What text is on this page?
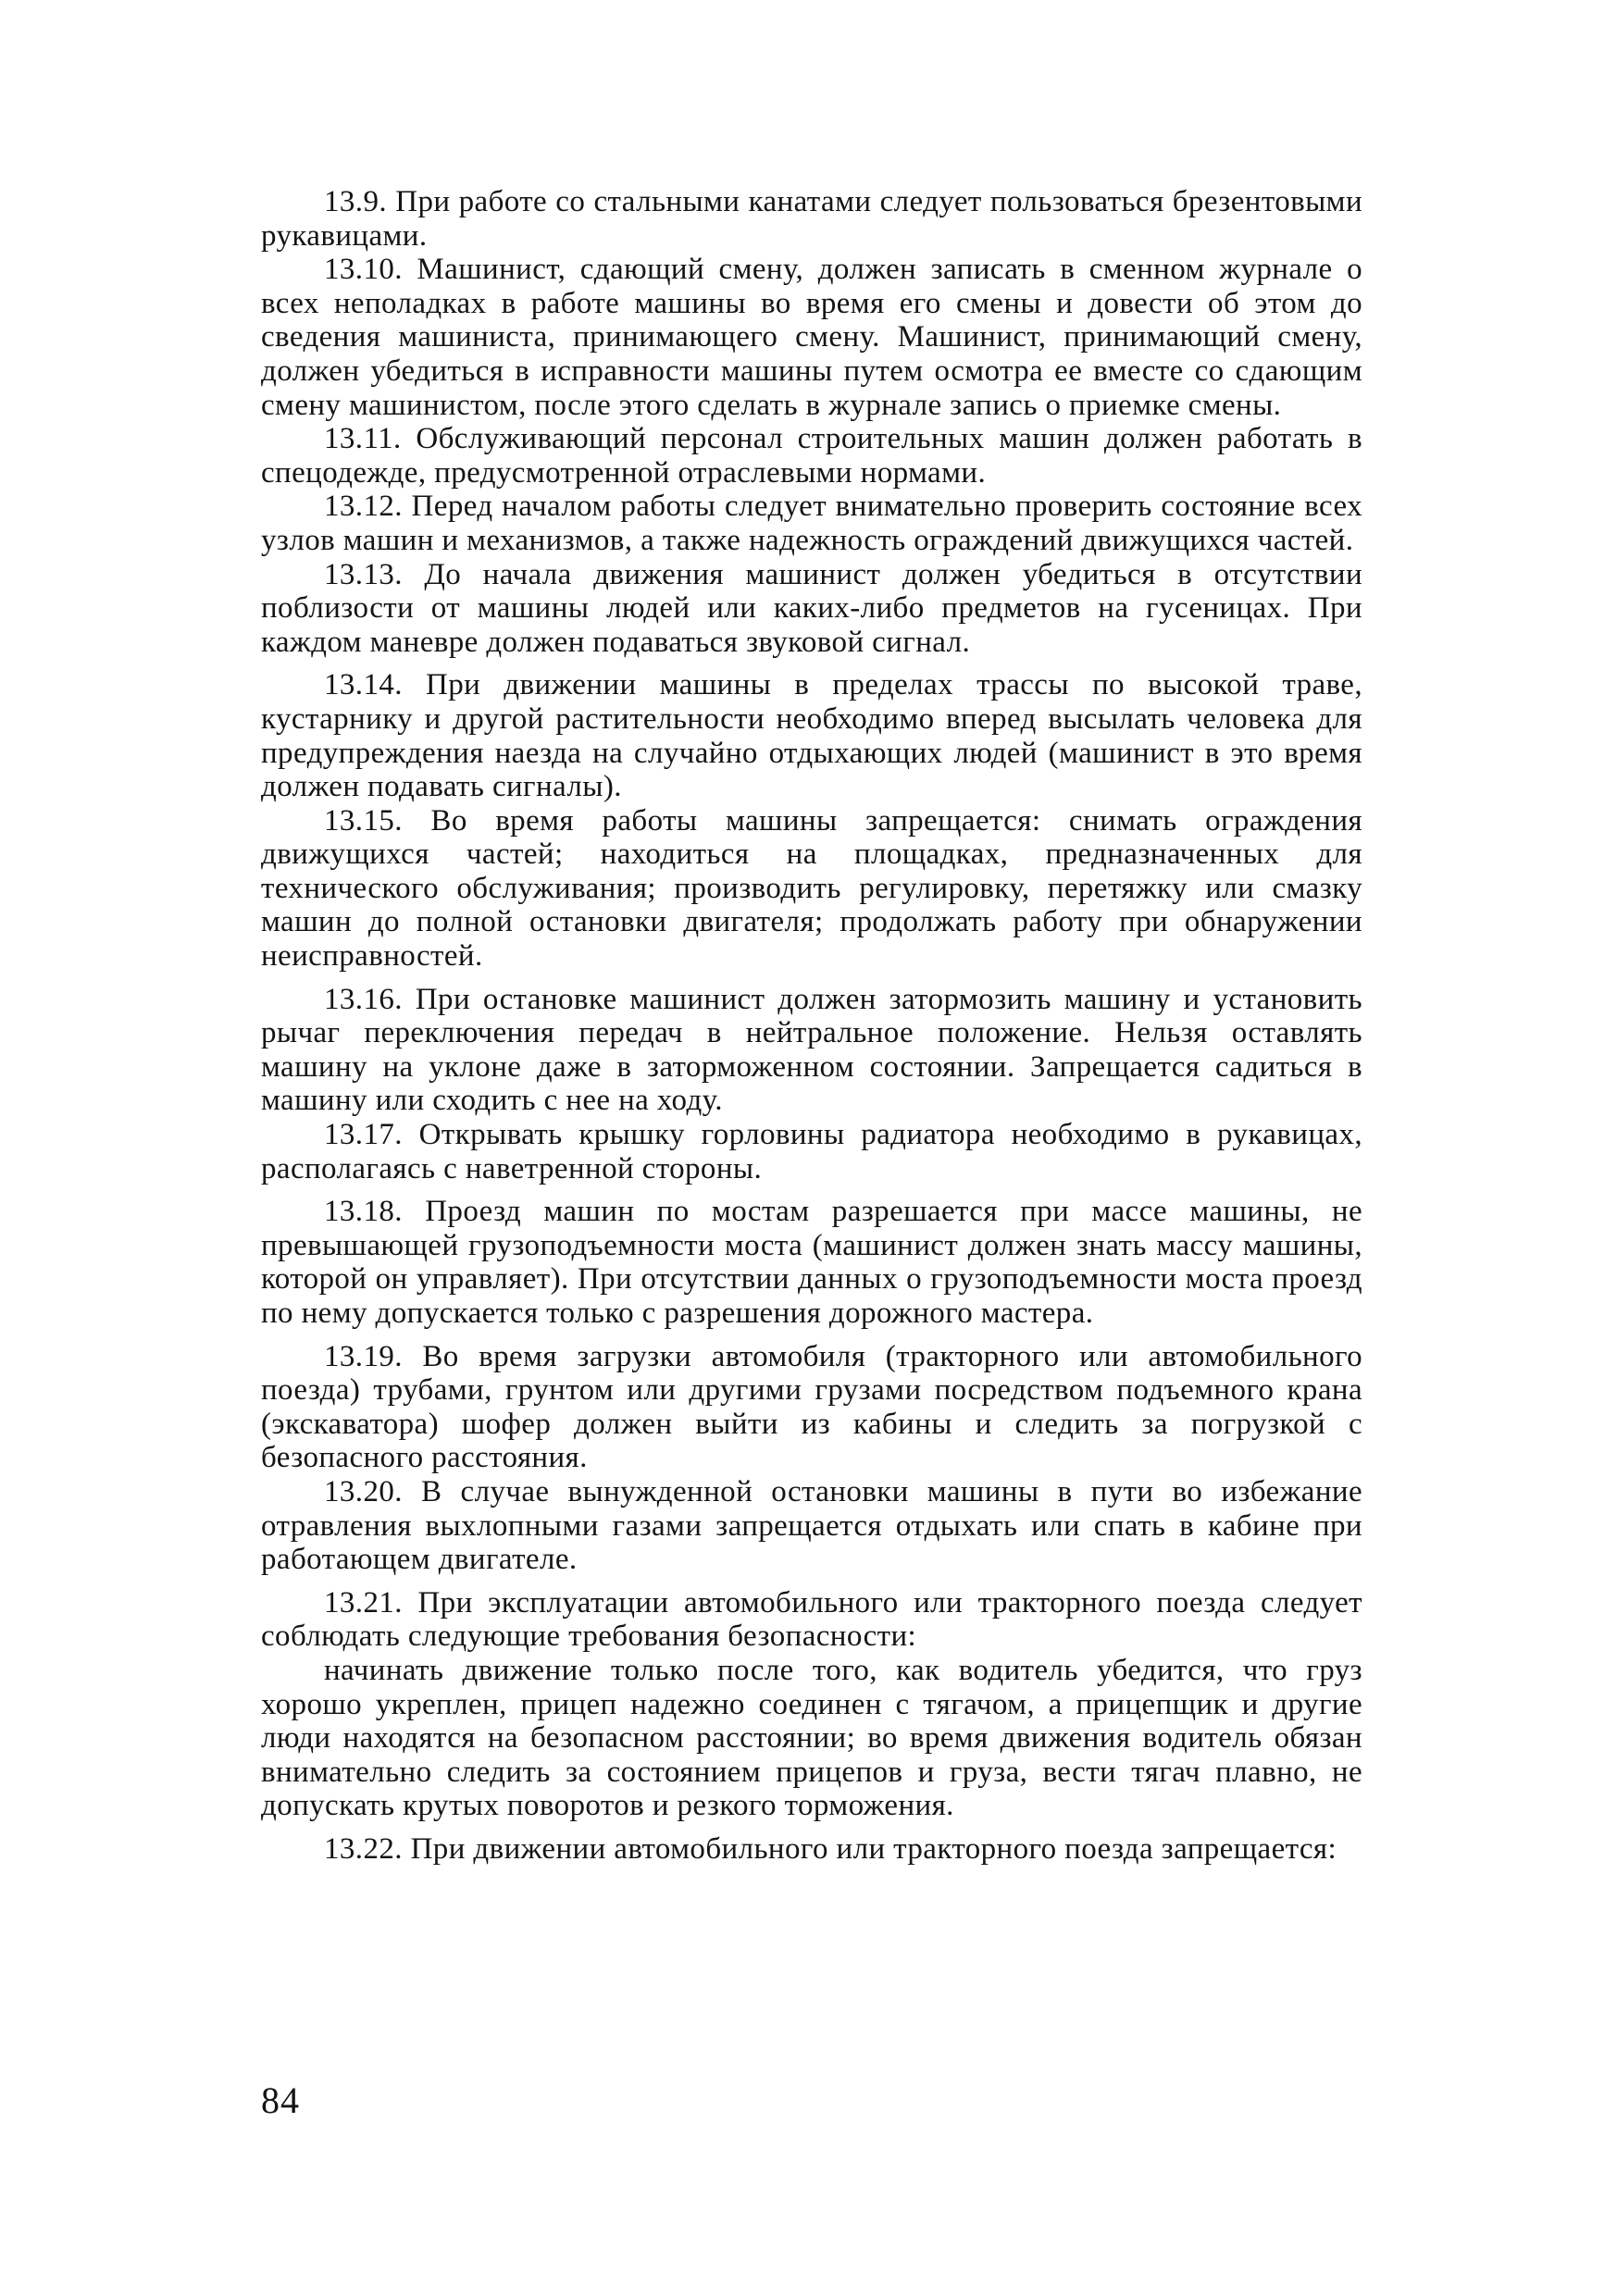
13.9. При работе со стальными канатами следует пользоваться брезентовыми рукавицами.

13.10. Машинист, сдающий смену, должен записать в сменном журнале о всех неполадках в работе машины во время его смены и довести об этом до сведения машиниста, принимающего смену. Машинист, принимающий смену, должен убедиться в исправности машины путем осмотра ее вместе со сдающим смену машинистом, после этого сделать в журнале запись о приемке смены.

13.11. Обслуживающий персонал строительных машин должен работать в спецодежде, предусмотренной отраслевыми нормами.

13.12. Перед началом работы следует внимательно проверить состояние всех узлов машин и механизмов, а также надежность ограждений движущихся частей.

13.13. До начала движения машинист должен убедиться в отсутствии поблизости от машины людей или каких-либо предметов на гусеницах. При каждом маневре должен подаваться звуковой сигнал.

13.14. При движении машины в пределах трассы по высокой траве, кустарнику и другой растительности необходимо вперед высылать человека для предупреждения наезда на случайно отдыхающих людей (машинист в это время должен подавать сигналы).

13.15. Во время работы машины запрещается: снимать ограждения движущихся частей; находиться на площадках, предназначенных для технического обслуживания; производить регулировку, перетяжку или смазку машин до полной остановки двигателя; продолжать работу при обнаружении неисправностей.

13.16. При остановке машинист должен затормозить машину и установить рычаг переключения передач в нейтральное положение. Нельзя оставлять машину на уклоне даже в заторможенном состоянии. Запрещается садиться в машину или сходить с нее на ходу.

13.17. Открывать крышку горловины радиатора необходимо в рукавицах, располагаясь с наветренной стороны.

13.18. Проезд машин по мостам разрешается при массе машины, не превышающей грузоподъемности моста (машинист должен знать массу машины, которой он управляет). При отсутствии данных о грузоподъемности моста проезд по нему допускается только с разрешения дорожного мастера.

13.19. Во время загрузки автомобиля (тракторного или автомобильного поезда) трубами, грунтом или другими грузами посредством подъемного крана (экскаватора) шофер должен выйти из кабины и следить за погрузкой с безопасного расстояния.

13.20. В случае вынужденной остановки машины в пути во избежание отравления выхлопными газами запрещается отдыхать или спать в кабине при работающем двигателе.

13.21. При эксплуатации автомобильного или тракторного поезда следует соблюдать следующие требования безопасности:

начинать движение только после того, как водитель убедится, что груз хорошо укреплен, прицеп надежно соединен с тягачом, а прицепщик и другие люди находятся на безопасном расстоянии; во время движения водитель обязан внимательно следить за состоянием прицепов и груза, вести тягач плавно, не допускать крутых поворотов и резкого торможения.

13.22. При движении автомобильного или тракторного поезда запрещается:

84
